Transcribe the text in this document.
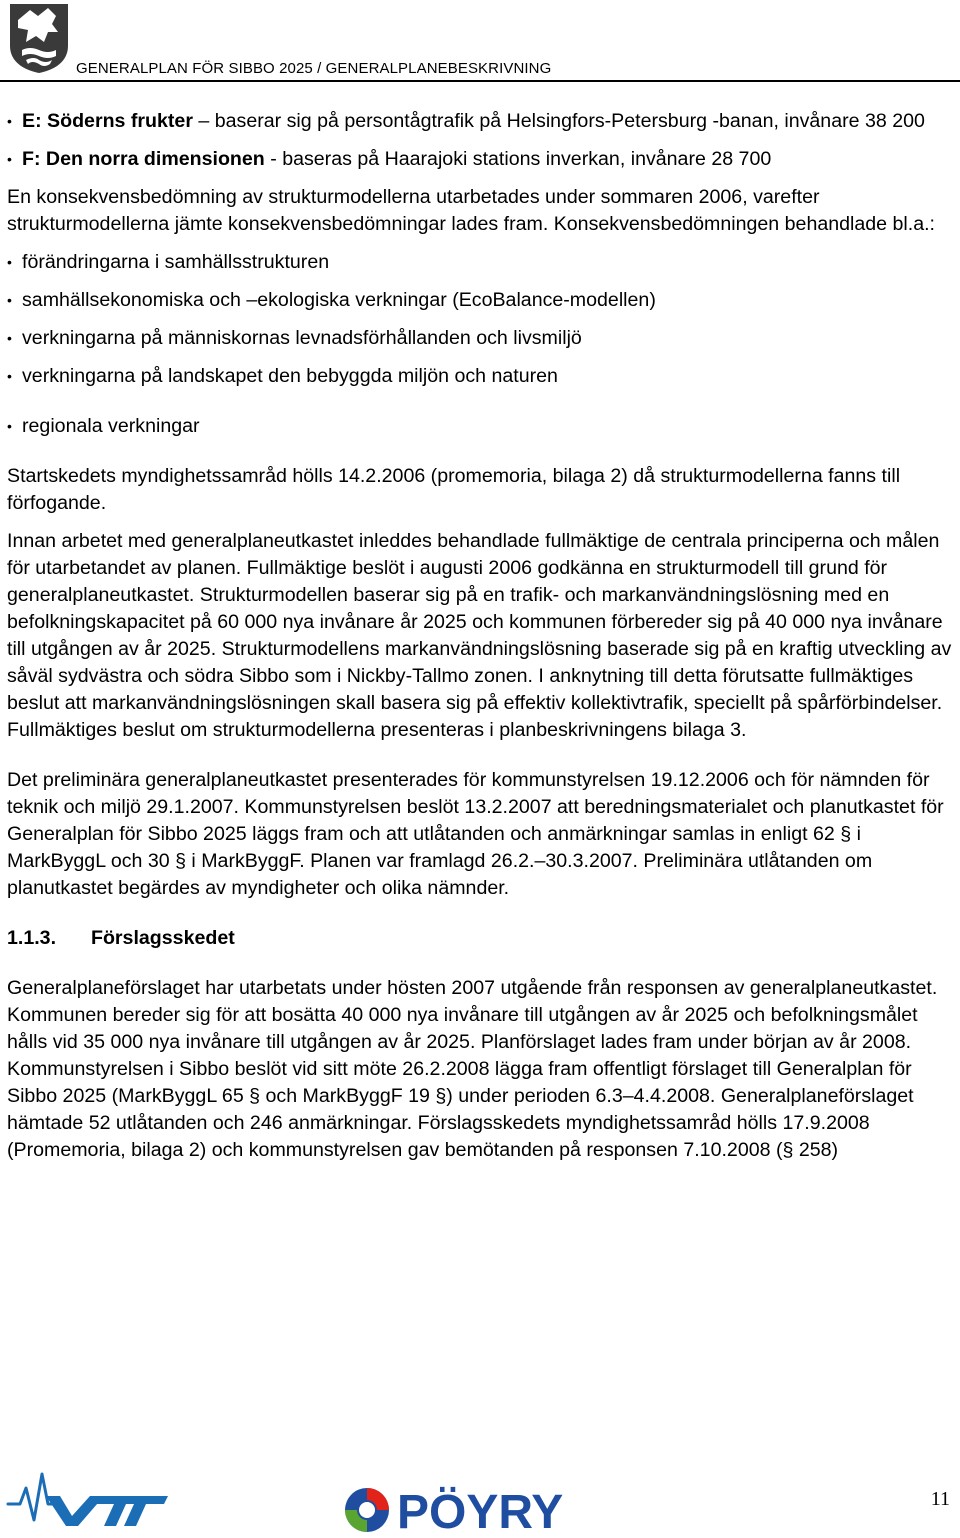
GENERALPLAN FÖR SIBBO 2025 / GENERALPLANEBESKRIVNING
• E: Söderns frukter – baserar sig på persontågtrafik på Helsingfors-Petersburg -banan, invånare 38 200
• F: Den norra dimensionen - baseras på Haarajoki stations inverkan, invånare 28 700

En konsekvensbedömning av strukturmodellerna utarbetades under sommaren 2006, varefter strukturmodellerna jämte konsekvensbedömningar lades fram. Konsekvensbedömningen behandlade bl.a.:

• förändringarna i samhällsstrukturen
• samhällsekonomiska och –ekologiska verkningar (EcoBalance-modellen)
• verkningarna på människornas levnadsförhållanden och livsmiljö
• verkningarna på landskapet den bebyggda miljön och naturen
• regionala verkningar

Startskedets myndighetssamråd hölls 14.2.2006 (promemoria, bilaga 2) då strukturmodellerna fanns till förfogande.

Innan arbetet med generalplaneutkastet inleddes behandlade fullmäktige de centrala principerna och målen för utarbetandet av planen. Fullmäktige beslöt i augusti 2006 godkänna en strukturmodell till grund för generalplaneutkastet. Strukturmodellen baserar sig på en trafik- och markanvändningslösning med en befolkningskapacitet på 60 000 nya invånare år 2025 och kommunen förbereder sig på 40 000 nya invånare till utgången av år 2025. Strukturmodellens markanvändningslösning baserade sig på en kraftig utveckling av såväl sydvästra och södra Sibbo som i Nickby-Tallmo zonen. I anknytning till detta förutsatte fullmäktiges beslut att markanvändningslösningen skall basera sig på effektiv kollektivtrafik, speciellt på spårförbindelser. Fullmäktiges beslut om strukturmodellerna presenteras i planbeskrivningens bilaga 3.

Det preliminära generalplaneutkastet presenterades för kommunstyrelsen 19.12.2006 och för nämnden för teknik och miljö 29.1.2007. Kommunstyrelsen beslöt 13.2.2007 att beredningsmaterialet och planutkastet för Generalplan för Sibbo 2025 läggs fram och att utlåtanden och anmärkningar samlas in enligt 62 § i MarkByggL och 30 § i MarkByggF. Planen var framlagd 26.2.–30.3.2007. Preliminära utlåtanden om planutkastet begärdes av myndigheter och olika nämnder.

1.1.3.	Förslagsskedet

Generalplaneförslaget har utarbetats under hösten 2007 utgående från responsen av generalplaneutkastet. Kommunen bereder sig för att bosätta 40 000 nya invånare till utgången av år 2025 och befolkningsmålet hålls vid 35 000 nya invånare till utgången av år 2025. Planförslaget lades fram under början av år 2008. Kommunstyrelsen i Sibbo beslöt vid sitt möte 26.2.2008 lägga fram offentligt förslaget till Generalplan för Sibbo 2025 (MarkByggL 65 § och MarkByggF 19 §) under perioden 6.3–4.4.2008. Generalplaneförslaget hämtade 52 utlåtanden och 246 anmärkningar. Förslagsskedets myndighetssamråd hölls 17.9.2008 (Promemoria, bilaga 2) och kommunstyrelsen gav bemötanden på responsen 7.10.2008 (§ 258)

PÖYRY	11
